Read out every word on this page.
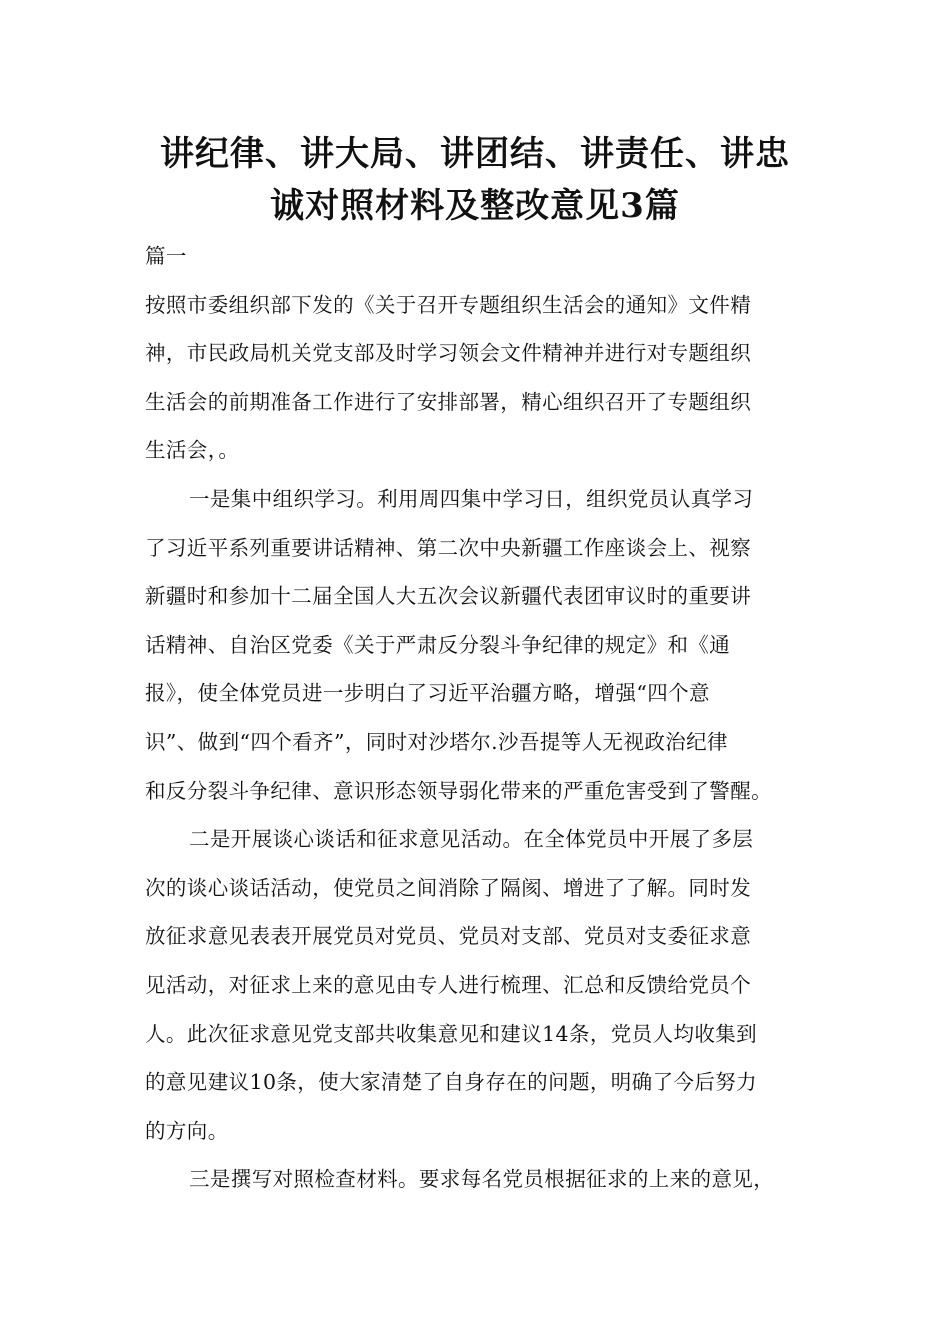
讲纪律、讲大局、讲团结、讲责任、讲忠
诚对照材料及整改意见3篇
篇一
按照市委组织部下发的《关于召开专题组织生活会的通知》文件精
神，市民政局机关党支部及时学习领会文件精神并进行对专题组织
生活会的前期准备工作进行了安排部署，精心组织召开了专题组织
生活会，。
一是集中组织学习。利用周四集中学习日，组织党员认真学习
了习近平系列重要讲话精神、第二次中央新疆工作座谈会上、视察
新疆时和参加十二届全国人大五次会议新疆代表团审议时的重要讲
话精神、自治区党委《关于严肃反分裂斗争纪律的规定》和《通
报》，使全体党员进一步明白了习近平治疆方略，增强“四个意
识”、做到“四个看齐”，同时对沙塔尔.沙吾提等人无视政治纪律
和反分裂斗争纪律、意识形态领导弱化带来的严重危害受到了警醒。
二是开展谈心谈话和征求意见活动。在全体党员中开展了多层
次的谈心谈话活动，使党员之间消除了隔阂、增进了了解。同时发
放征求意见表表开展党员对党员、党员对支部、党员对支委征求意
见活动，对征求上来的意见由专人进行梳理、汇总和反馈给党员个
人。此次征求意见党支部共收集意见和建议14条，党员人均收集到
的意见建议10条，使大家清楚了自身存在的问题，明确了今后努力
的方向。
三是撰写对照检查材料。要求每名党员根据征求的上来的意见，
